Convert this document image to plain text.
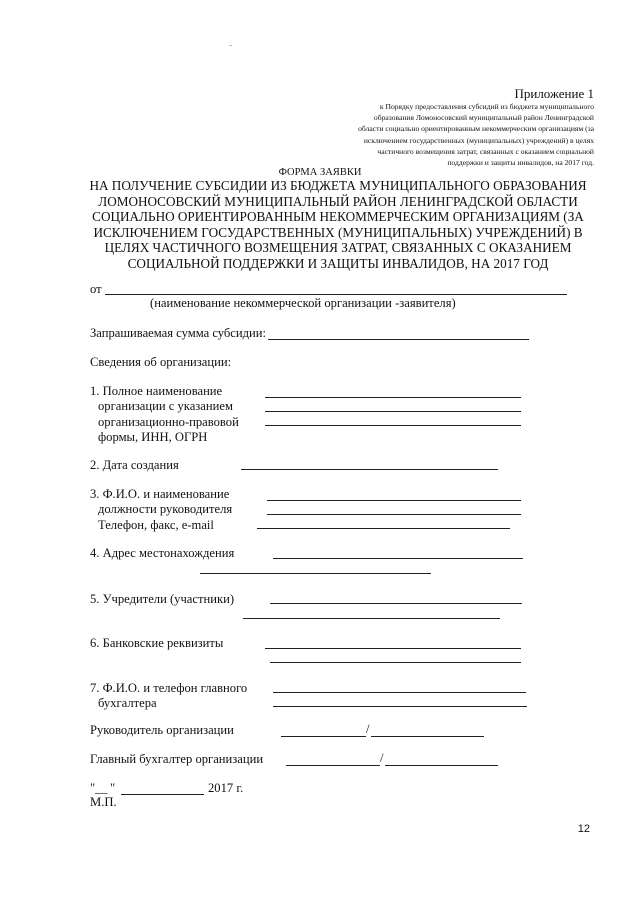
Приложение 1
к Порядку предоставления субсидий из бюджета муниципального
образования Ломоносовский муниципальный район Ленинградской
области социально ориентированным некоммерческим организациям (за
исключением государственных (муниципальных) учреждений) в целях
частичного возмещения затрат, связанных с оказанием социальной
поддержки и защиты инвалидов, на 2017 год.
ФОРМА ЗАЯВКИ
НА ПОЛУЧЕНИЕ СУБСИДИИ ИЗ БЮДЖЕТА МУНИЦИПАЛЬНОГО ОБРАЗОВАНИЯ
ЛОМОНОСОВСКИЙ МУНИЦИПАЛЬНЫЙ РАЙОН ЛЕНИНГРАДСКОЙ ОБЛАСТИ
СОЦИАЛЬНО ОРИЕНТИРОВАННЫМ НЕКОММЕРЧЕСКИМ ОРГАНИЗАЦИЯМ (ЗА
ИСКЛЮЧЕНИЕМ ГОСУДАРСТВЕННЫХ (МУНИЦИПАЛЬНЫХ) УЧРЕЖДЕНИЙ) В
ЦЕЛЯХ ЧАСТИЧНОГО ВОЗМЕЩЕНИЯ ЗАТРАТ, СВЯЗАННЫХ С ОКАЗАНИЕМ
СОЦИАЛЬНОЙ ПОДДЕРЖКИ И ЗАЩИТЫ ИНВАЛИДОВ, НА 2017 ГОД
от
(наименование некоммерческой организации -заявителя)
Запрашиваемая сумма субсидии:
Сведения об организации:
1. Полное наименование
организации с указанием
организационно-правовой
формы, ИНН, ОГРН
2. Дата создания
3. Ф.И.О. и наименование
должности руководителя
Телефон, факс, e-mail
4. Адрес местонахождения
5. Учредители (участники)
6. Банковские реквизиты
7. Ф.И.О. и телефон главного
бухгалтера
Руководитель организации	/
Главный бухгалтер организации	/
" __ "	2017 г.
М.П.
12
